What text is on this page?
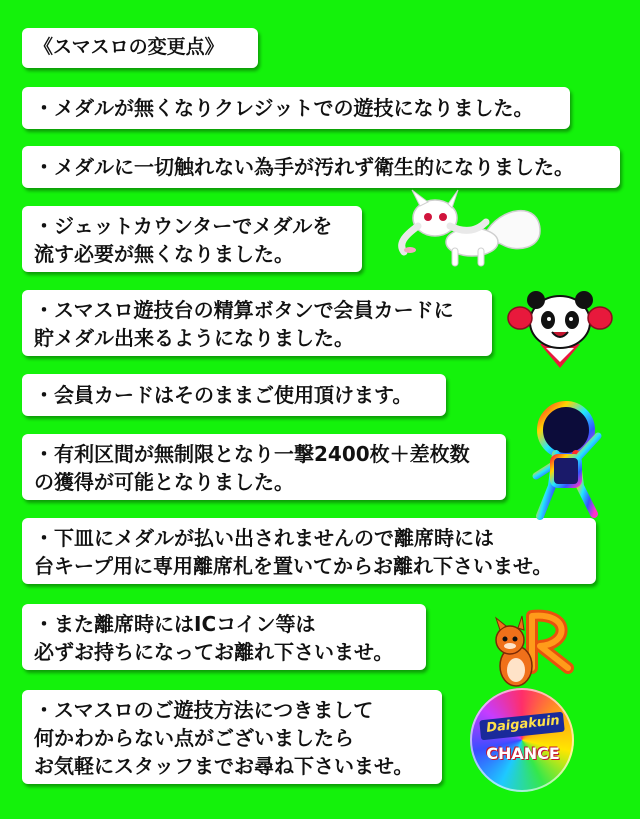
《スマスロの変更点》
・メダルが無くなりクレジットでの遊技になりました。
・メダルに一切触れない為手が汚れず衛生的になりました。
・ジェットカウンターでメダルを
流す必要が無くなりました。
・スマスロ遊技台の精算ボタンで会員カードに
貯メダル出来るようになりました。
・会員カードはそのままご使用頂けます。
・有利区間が無制限となり一撃2400枚＋差枚数
の獲得が可能となりました。
・下皿にメダルが払い出されませんので離席時には
台キープ用に専用離席札を置いてからお離れ下さいませ。
・また離席時にはICコイン等は
必ずお持ちになってお離れ下さいませ。
・スマスロのご遊技方法につきまして
何かわからない点がございましたら
お気軽にスタッフまでお尋ね下さいませ。
Daigakuin
CHANCE
